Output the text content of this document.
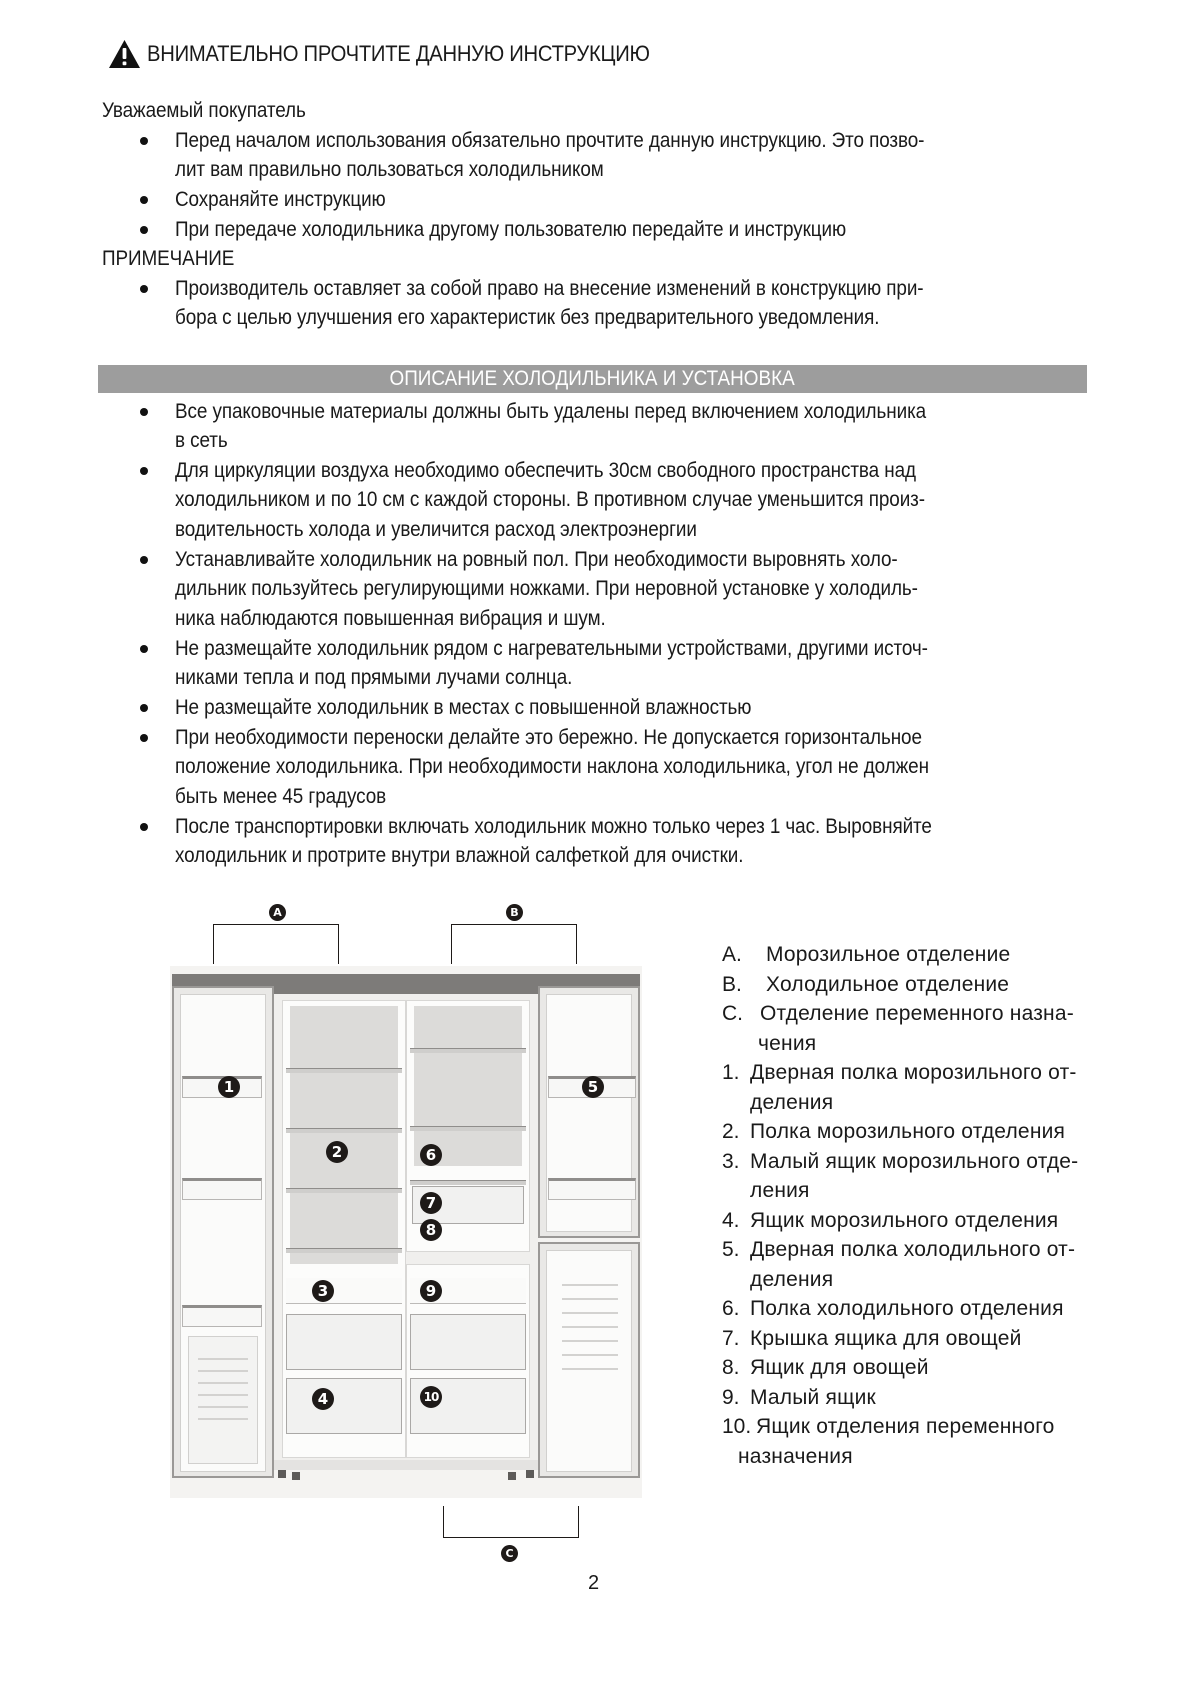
ВНИМАТЕЛЬНО ПРОЧТИТЕ ДАННУЮ ИНСТРУКЦИЮ
Уважаемый покупатель
Перед началом использования обязательно прочтите данную инструкцию. Это позво-
лит вам правильно пользоваться холодильником
Сохраняйте инструкцию
При передаче холодильника другому пользователю передайте и инструкцию
ПРИМЕЧАНИЕ
Производитель оставляет за собой право на внесение изменений в конструкцию при-
бора с целью улучшения его характеристик без предварительного уведомления.
ОПИСАНИЕ ХОЛОДИЛЬНИКА И УСТАНОВКА
Все упаковочные материалы должны быть удалены перед включением холодильника
в сеть
Для циркуляции воздуха необходимо обеспечить 30см свободного пространства над
холодильником и по 10 см с каждой стороны. В противном случае уменьшится произ-
водительность холода и увеличится расход электроэнергии
Устанавливайте холодильник на ровный пол. При необходимости выровнять холо-
дильник пользуйтесь регулирующими ножками. При неровной установке у холодиль-
ника наблюдаются повышенная вибрация и шум.
Не размещайте холодильник рядом с нагревательными устройствами, другими источ-
никами тепла и под прямыми лучами солнца.
Не размещайте холодильник в местах с повышенной влажностью
При необходимости переноски делайте это бережно. Не допускается горизонтальное
положение холодильника. При необходимости наклона холодильника, угол не должен
быть менее 45 градусов
После транспортировки включать холодильник можно только через 1 час. Выровняйте
холодильник и протрите внутри влажной салфеткой для очистки.
A	B
C
1
2
3
4
5
6
7
8
9
10
A. Морозильное отделение
B. Холодильное отделение
C. Отделение переменного назна-
чения
1. Дверная полка морозильного от-
деления
2. Полка морозильного отделения
3. Малый ящик морозильного отде-
ления
4. Ящик морозильного отделения
5. Дверная полка холодильного от-
деления
6. Полка холодильного отделения
7. Крышка ящика для овощей
8. Ящик для овощей
9. Малый ящик
10. Ящик отделения переменного
назначения
2
